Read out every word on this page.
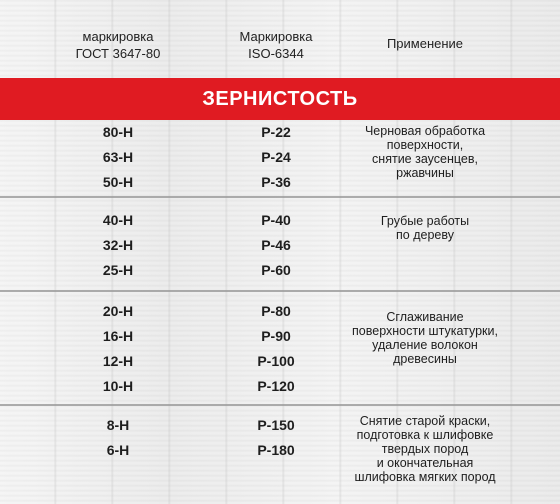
маркировка
ГОСТ 3647-80
Маркировка
ISO-6344
Применение
ЗЕРНИСТОСТЬ
80-Н	P-22
63-Н	P-24
50-Н	P-36
Черновая обработка
поверхности,
снятие заусенцев,
ржавчины
40-Н	P-40
32-Н	P-46
25-Н	P-60
Грубые работы
по дереву
20-Н	P-80
16-Н	P-90
12-Н	P-100
10-Н	P-120
Сглаживание
поверхности штукатурки,
удаление волокон
древесины
8-Н	P-150
6-Н	P-180
Снятие старой краски,
подготовка к шлифовке
твердых пород
и окончательная
шлифовка мягких пород
